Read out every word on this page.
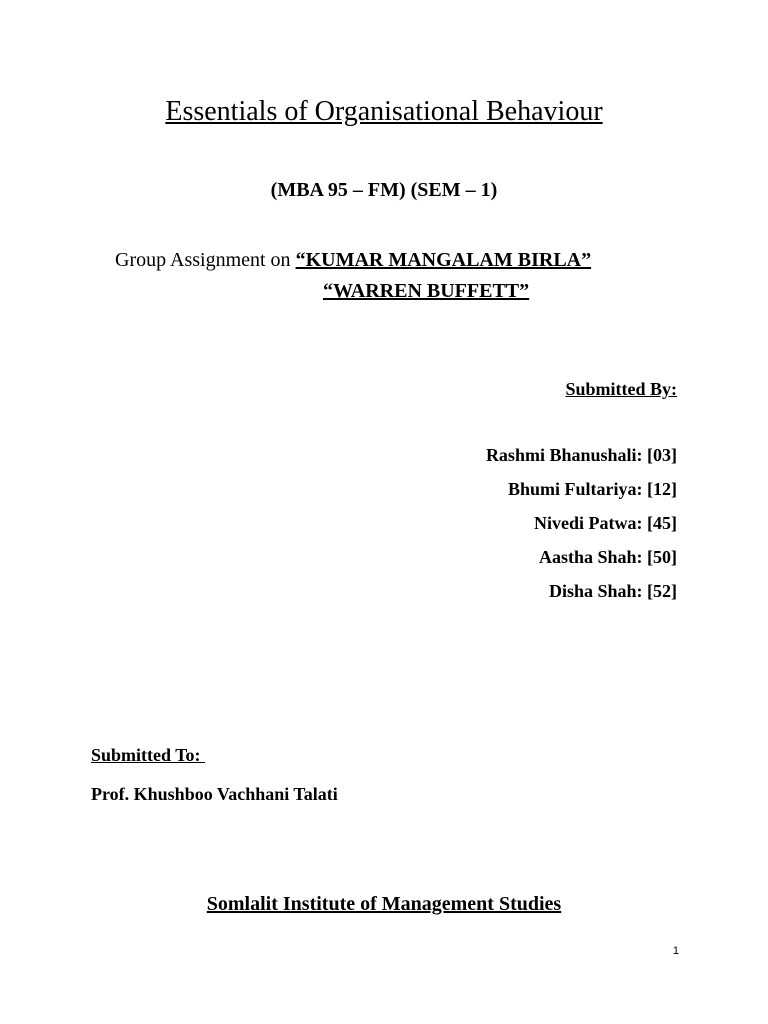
Essentials of Organisational Behaviour
(MBA 95 – FM) (SEM – 1)
Group Assignment on “KUMAR MANGALAM BIRLA”
“WARREN BUFFETT”
Submitted By:
Rashmi Bhanushali: [03]
Bhumi Fultariya: [12]
Nivedi Patwa: [45]
Aastha Shah: [50]
Disha Shah: [52]
Submitted To:
Prof. Khushboo Vachhani Talati
Somlalit Institute of Management Studies
1
